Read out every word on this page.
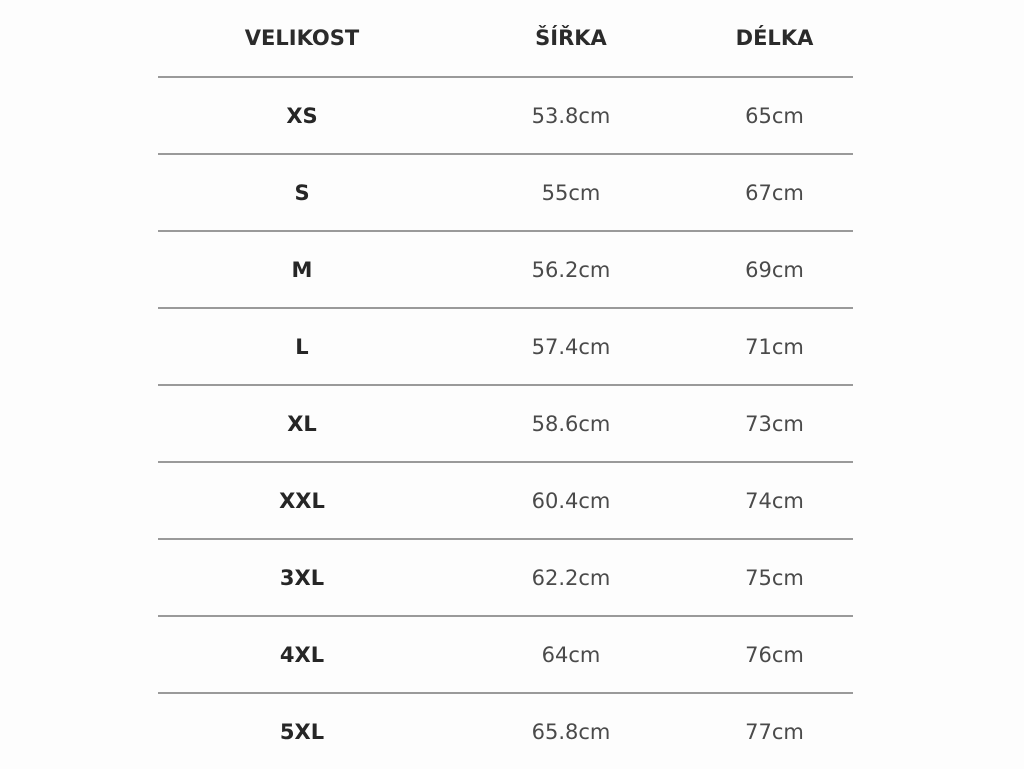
VELIKOST	ŠÍŘKA	DÉLKA
XS	53.8cm	65cm
S	55cm	67cm
M	56.2cm	69cm
L	57.4cm	71cm
XL	58.6cm	73cm
XXL	60.4cm	74cm
3XL	62.2cm	75cm
4XL	64cm	76cm
5XL	65.8cm	77cm
